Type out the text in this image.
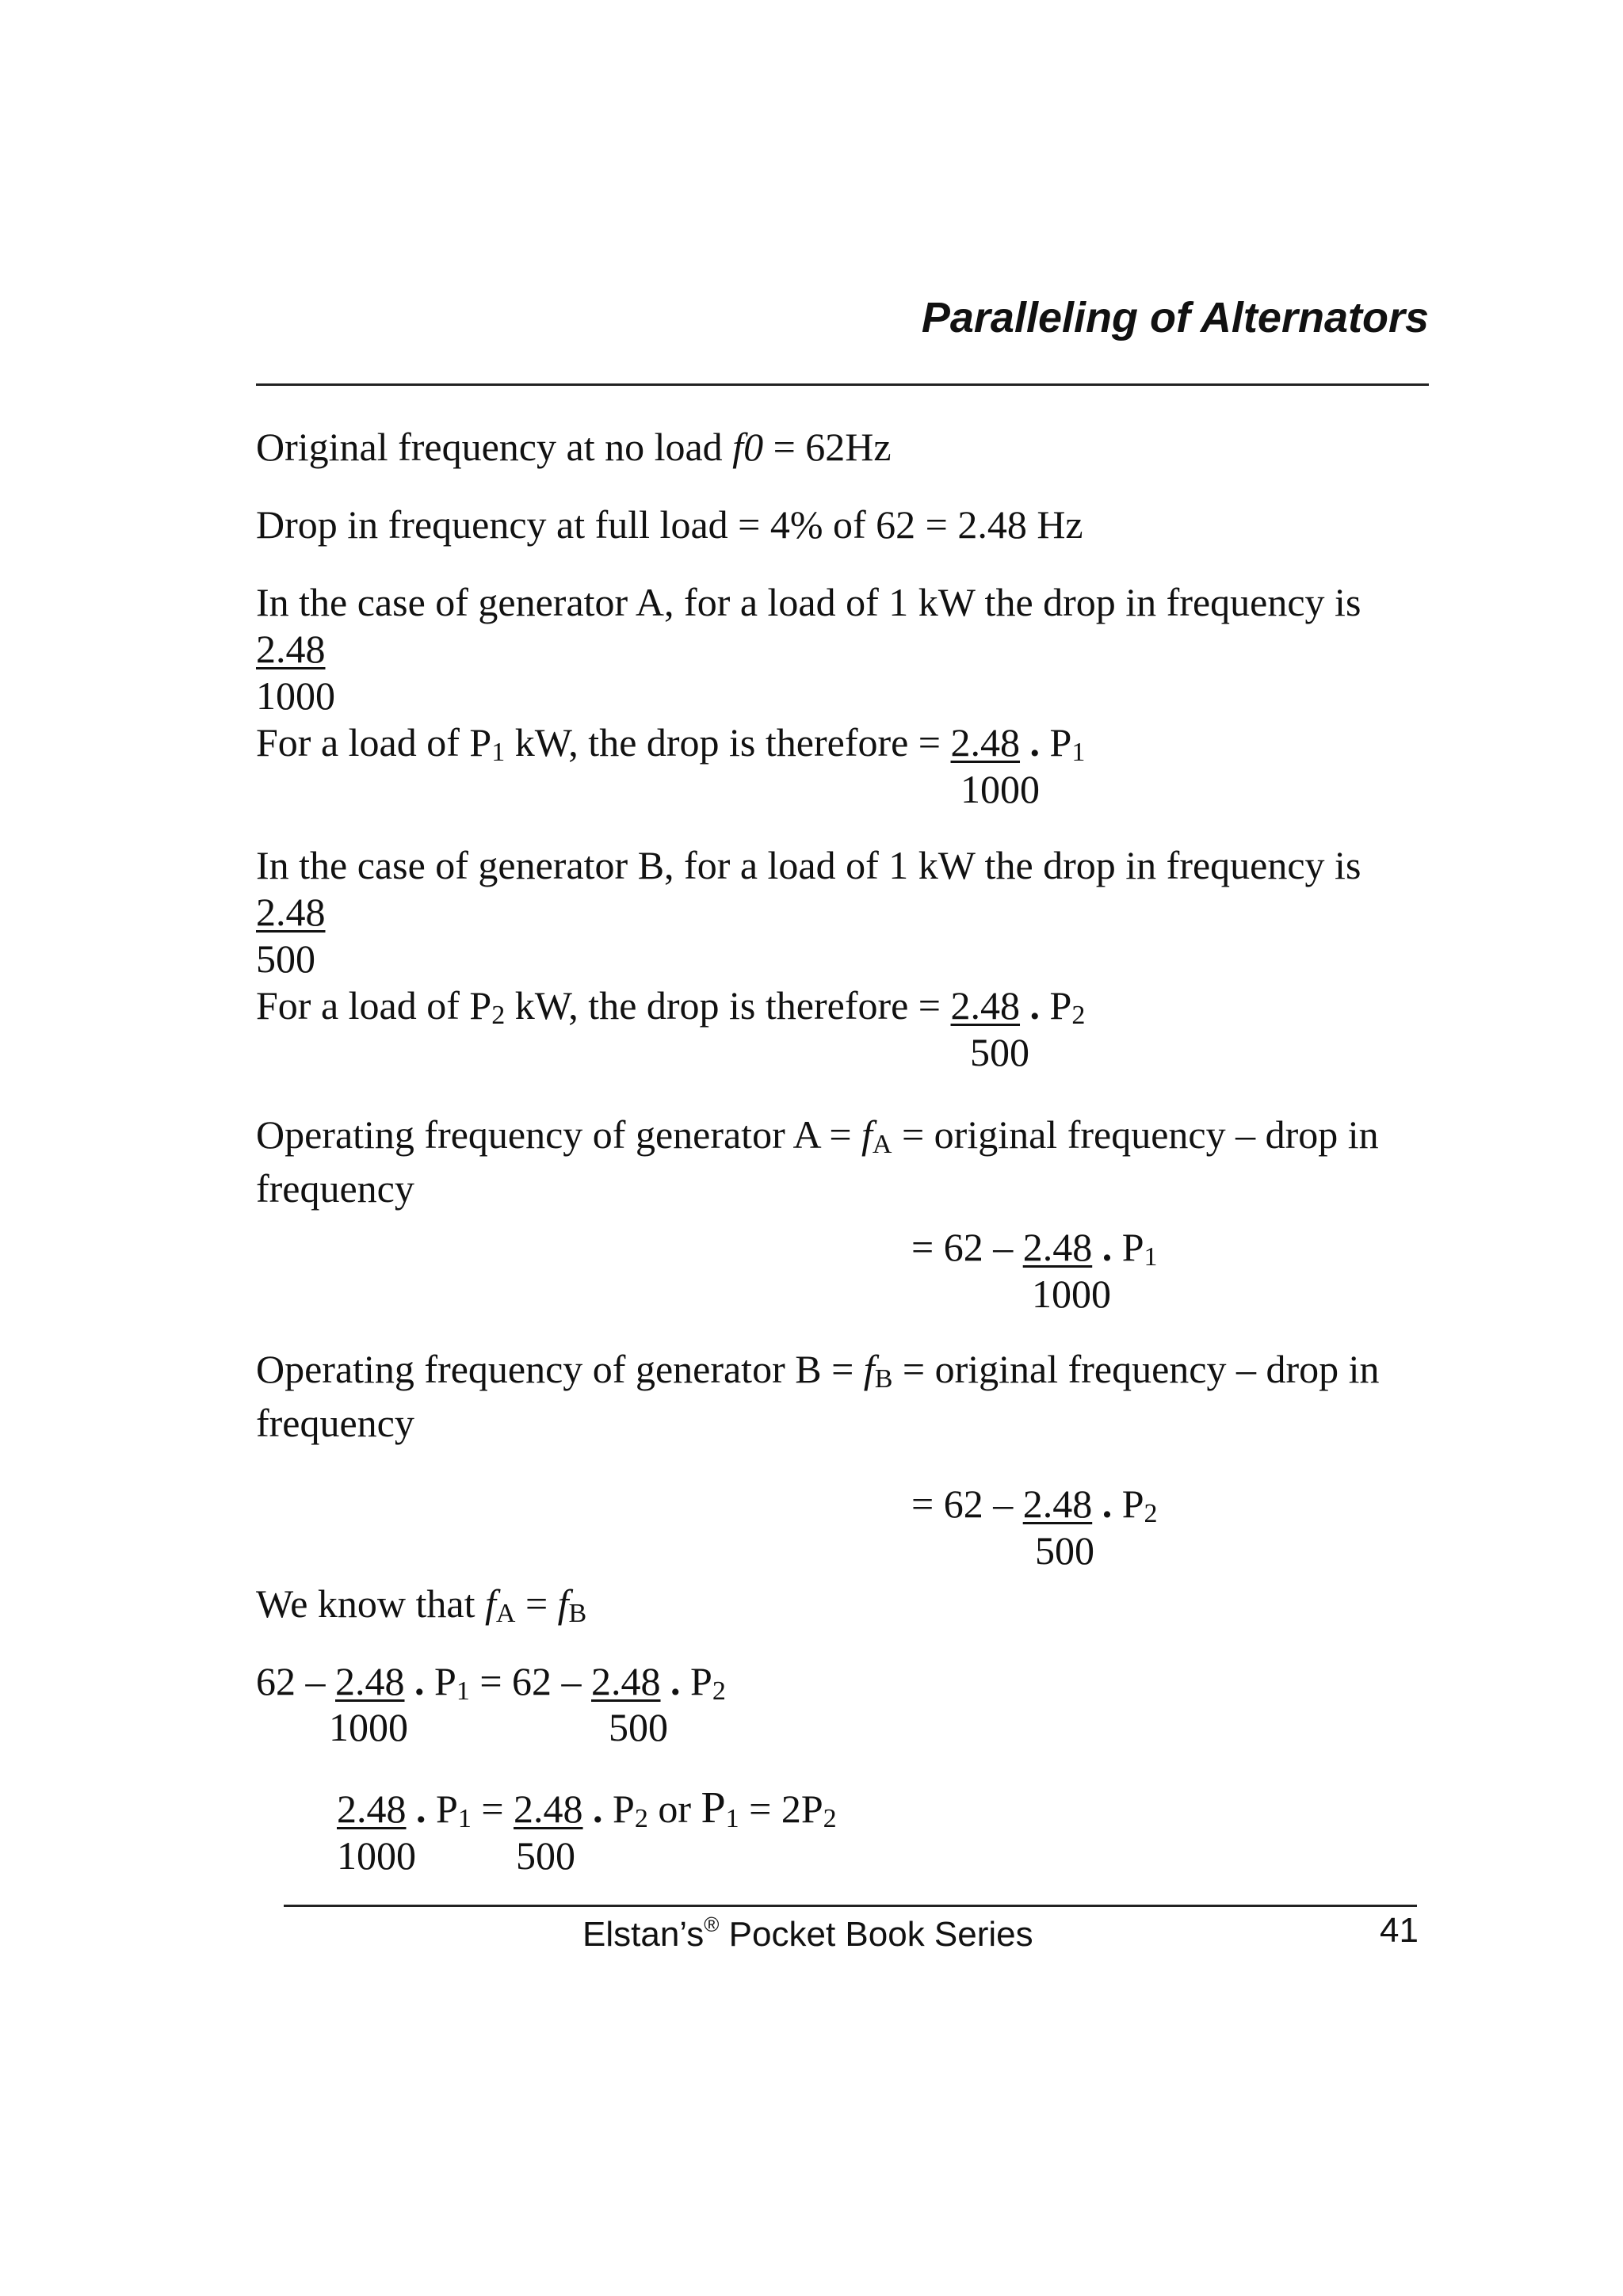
Paralleling of Alternators
Original frequency at no load f0 = 62Hz
Drop in frequency at full load = 4% of 62 = 2.48 Hz
In the case of generator A, for a load of 1 kW the drop in frequency is
2.48
1000
For a load of $P_1$ kW, the drop is therefore = 2.48 . $P_1$
1000
In the case of generator B, for a load of 1 kW the drop in frequency is
2.48
500
For a load of $P_2$ kW, the drop is therefore = 2.48 . $P_2$
500
Operating frequency of generator $A = f_A$ = original frequency – drop in
frequency
= 62 – 2.48 . $P_1$
1000
Operating frequency of generator $B = f_B$ = original frequency – drop in
frequency
= 62 – 2.48 . $P_2$
500
We know that $f_A = f_B$
62 – 2.48 . $P_1 = 62 - 2.48$ . $P_2$
1000	500
2.48 . $P_1 = 2.48$ . $P_2$ or $P_1 = 2P_2$
1000	500
Elstan’s® Pocket Book Series	41
